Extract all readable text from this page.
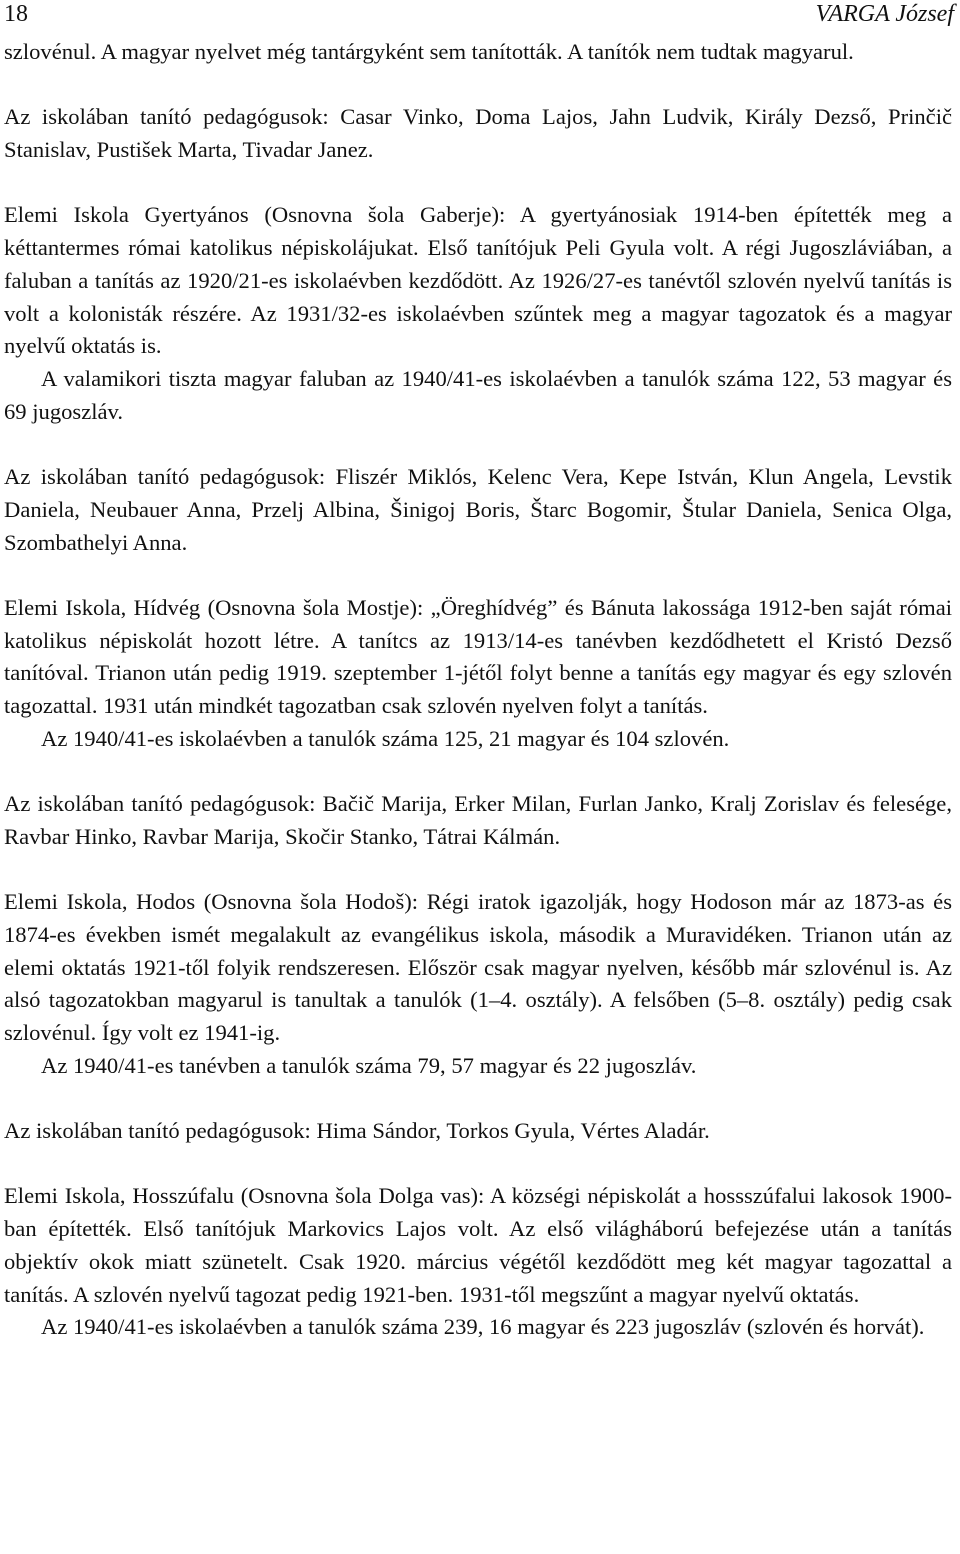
18	VARGA József

szlovénul. A magyar nyelvet még tantárgyként sem tanították. A tanítók nem tudtak magyarul.

Az iskolában tanító pedagógusok: Casar Vinko, Doma Lajos, Jahn Ludvik, Király Dezső, Prinčič Stanislav, Pustišek Marta, Tivadar Janez.

Elemi Iskola Gyertyános (Osnovna šola Gaberje): A gyertyánosiak 1914-ben építették meg a kéttantermes római katolikus népiskolájukat. Első tanítójuk Peli Gyula volt. A régi Jugoszláviában, a faluban a tanítás az 1920/21-es iskolaévben kezdődött. Az 1926/27-es tanévtől szlovén nyelvű tanítás is volt a kolonisták részére. Az 1931/32-es iskolaévben szűntek meg a magyar tagozatok és a magyar nyelvű oktatás is.

A valamikori tiszta magyar faluban az 1940/41-es iskolaévben a tanulók száma 122, 53 magyar és 69 jugoszláv.

Az iskolában tanító pedagógusok: Fliszér Miklós, Kelenc Vera, Kepe István, Klun Angela, Levstik Daniela, Neubauer Anna, Przelj Albina, Šinigoj Boris, Štarc Bogomir, Štular Daniela, Senica Olga, Szombathelyi Anna.

Elemi Iskola, Hídvég (Osnovna šola Mostje): „Öreghídvég” és Bánuta lakossága 1912-ben saját római katolikus népiskolát hozott létre. A tanítcs az 1913/14-es tanévben kezdődhetett el Kristó Dezső tanítóval. Trianon után pedig 1919. szeptember 1-jétől folyt benne a tanítás egy magyar és egy szlovén tagozattal. 1931 után mindkét tagozatban csak szlovén nyelven folyt a tanítás.

Az 1940/41-es iskolaévben a tanulók száma 125, 21 magyar és 104 szlovén.

Az iskolában tanító pedagógusok: Bačič Marija, Erker Milan, Furlan Janko, Kralj Zorislav és felesége, Ravbar Hinko, Ravbar Marija, Skočir Stanko, Tátrai Kálmán.

Elemi Iskola, Hodos (Osnovna šola Hodoš): Régi iratok igazolják, hogy Hodoson már az 1873-as és 1874-es években ismét megalakult az evangélikus iskola, második a Muravidéken. Trianon után az elemi oktatás 1921-től folyik rendszeresen. Először csak magyar nyelven, később már szlovénul is. Az alsó tagozatokban magyarul is tanultak a tanulók (1–4. osztály). A felsőben (5–8. osztály) pedig csak szlovénul. Így volt ez 1941-ig.

Az 1940/41-es tanévben a tanulók száma 79, 57 magyar és 22 jugoszláv.

Az iskolában tanító pedagógusok: Hima Sándor, Torkos Gyula, Vértes Aladár.

Elemi Iskola, Hosszúfalu (Osnovna šola Dolga vas): A községi népiskolát a hossszúfalui lakosok 1900-ban építették. Első tanítójuk Markovics Lajos volt. Az első világháború befejezése után a tanítás objektív okok miatt szünetelt. Csak 1920. március végétől kezdődött meg két magyar tagozattal a tanítás. A szlovén nyelvű tagozat pedig 1921-ben. 1931-től megszűnt a magyar nyelvű oktatás.

Az 1940/41-es iskolaévben a tanulók száma 239, 16 magyar és 223 jugoszláv (szlovén és horvát).
